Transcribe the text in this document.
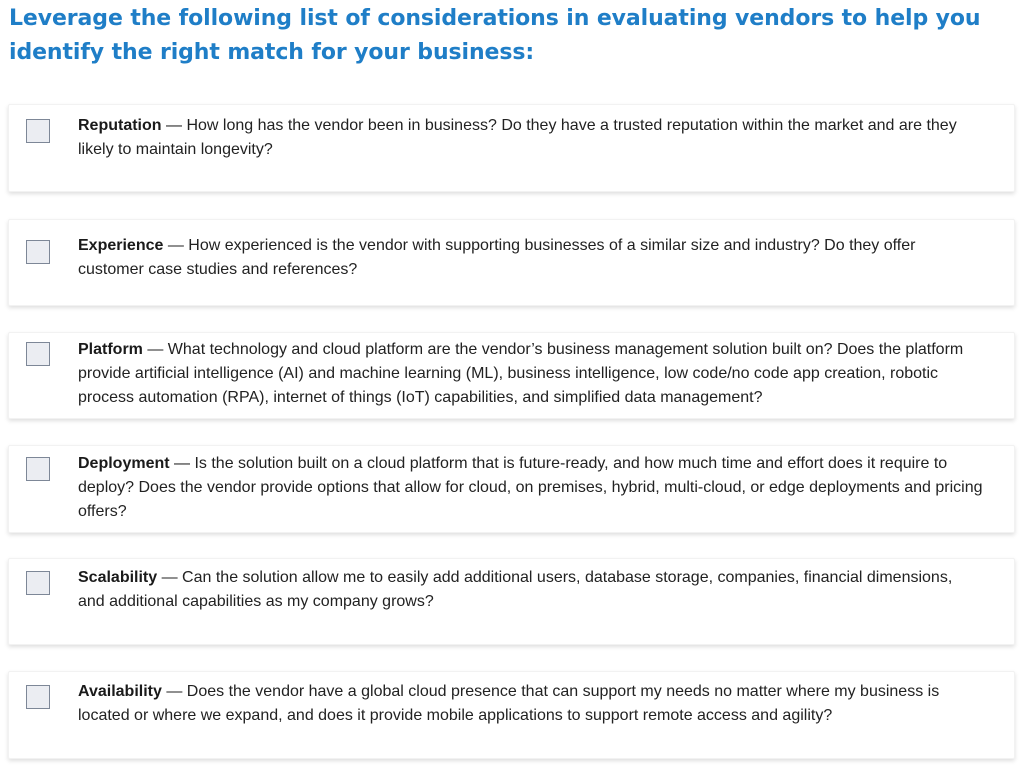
Leverage the following list of considerations in evaluating vendors to help you identify the right match for your business:

Reputation — How long has the vendor been in business? Do they have a trusted reputation within the market and are they likely to maintain longevity?

Experience — How experienced is the vendor with supporting businesses of a similar size and industry? Do they offer customer case studies and references?

Platform — What technology and cloud platform are the vendor’s business management solution built on? Does the platform provide artificial intelligence (AI) and machine learning (ML), business intelligence, low code/no code app creation, robotic process automation (RPA), internet of things (IoT) capabilities, and simplified data management?

Deployment — Is the solution built on a cloud platform that is future-ready, and how much time and effort does it require to deploy? Does the vendor provide options that allow for cloud, on premises, hybrid, multi-cloud, or edge deployments and pricing offers?

Scalability — Can the solution allow me to easily add additional users, database storage, companies, financial dimensions, and additional capabilities as my company grows?

Availability — Does the vendor have a global cloud presence that can support my needs no matter where my business is located or where we expand, and does it provide mobile applications to support remote access and agility?
